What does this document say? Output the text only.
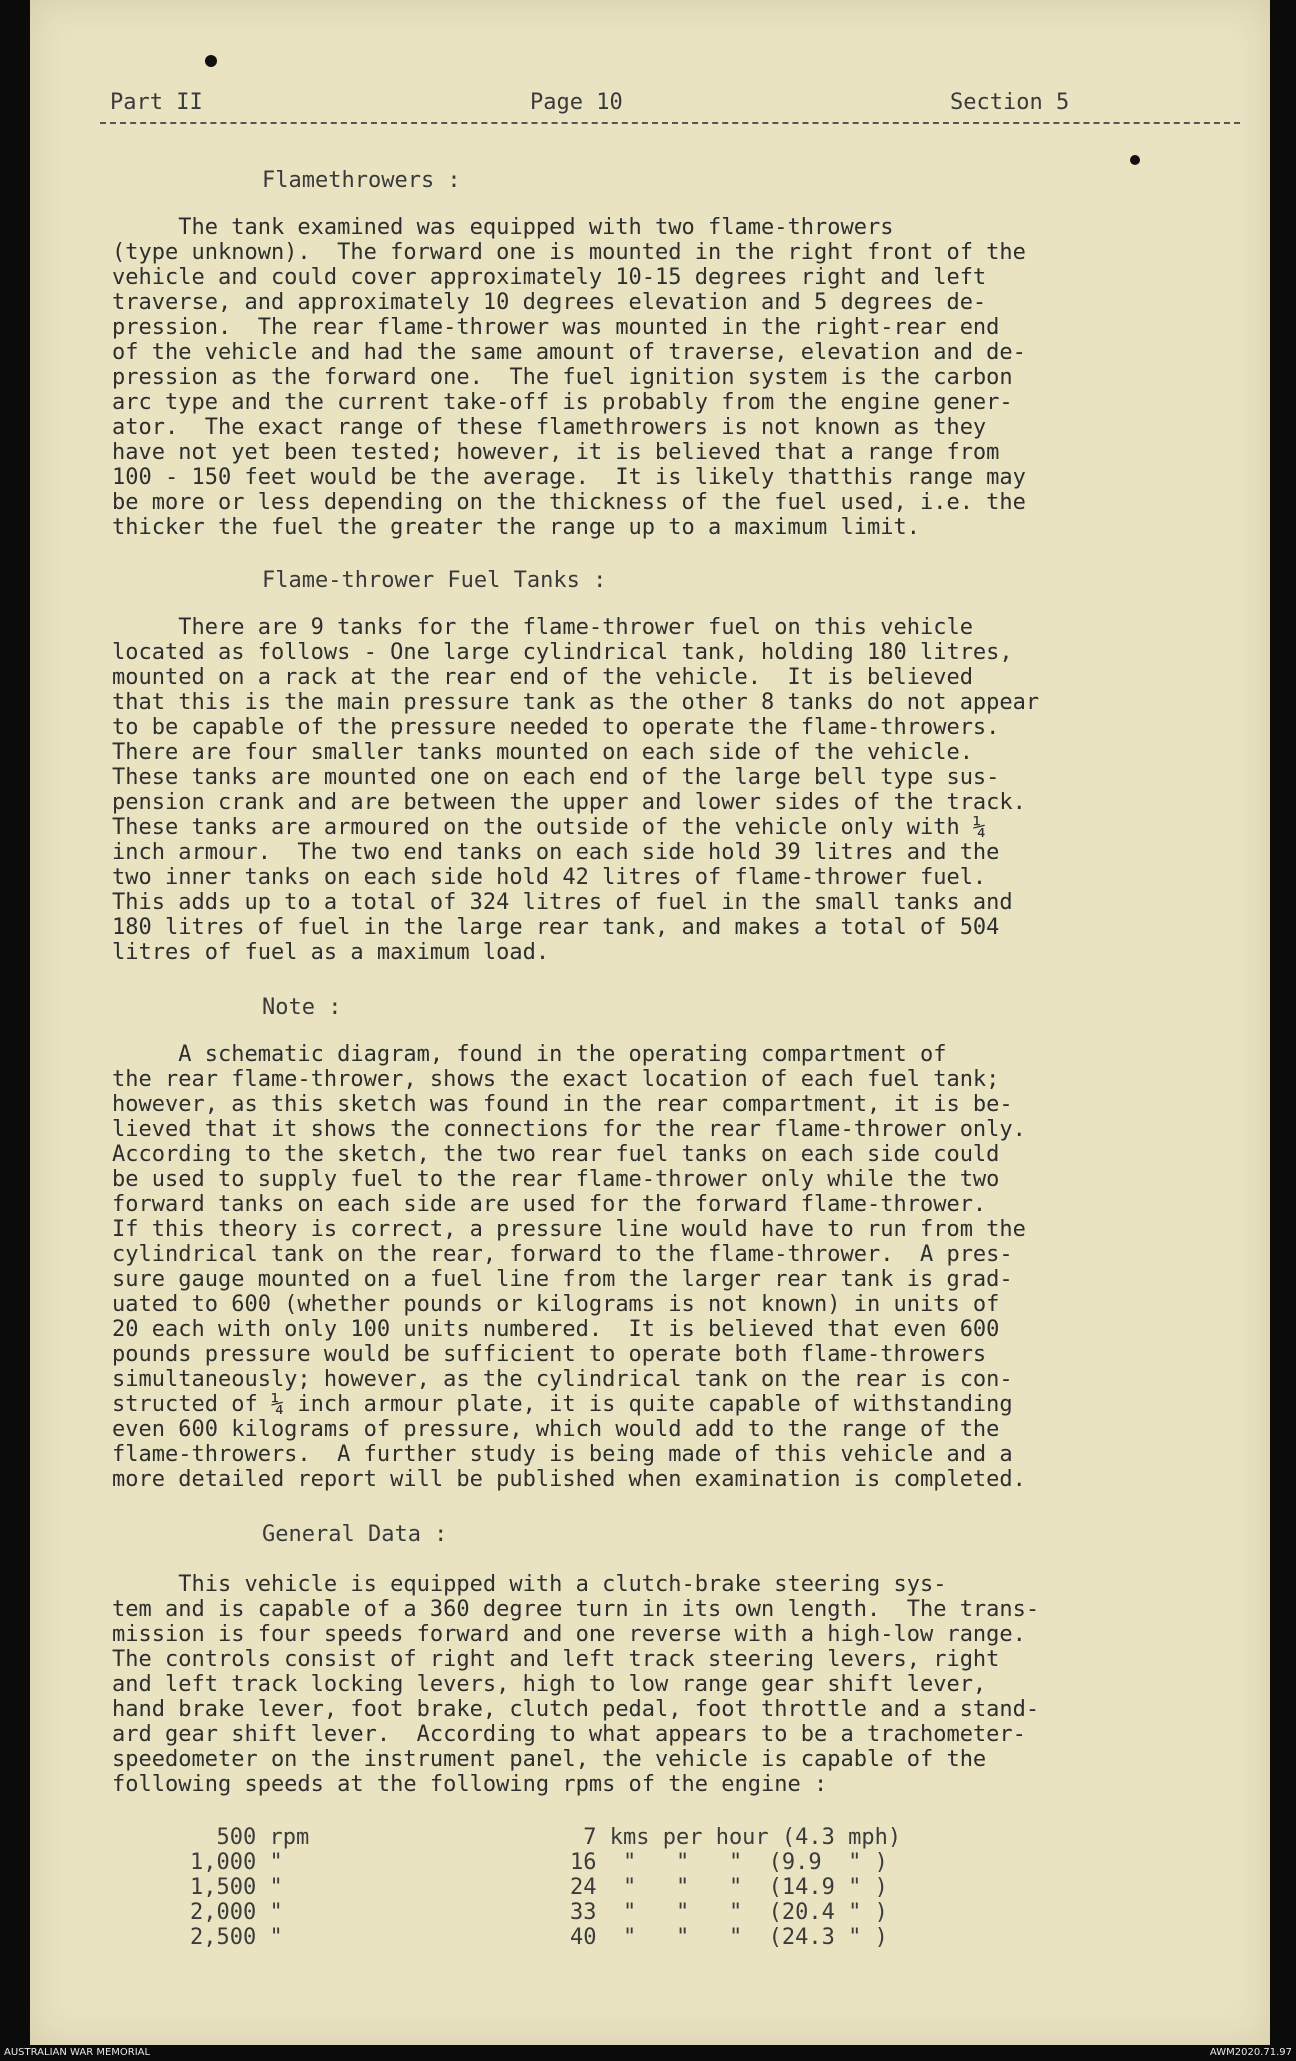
Part II	Page 10	Section 5
Flamethrowers :
The tank examined was equipped with two flame-throwers
(type unknown).  The forward one is mounted in the right front of the
vehicle and could cover approximately 10-15 degrees right and left
traverse, and approximately 10 degrees elevation and 5 degrees de-
pression.  The rear flame-thrower was mounted in the right-rear end
of the vehicle and had the same amount of traverse, elevation and de-
pression as the forward one.  The fuel ignition system is the carbon
arc type and the current take-off is probably from the engine gener-
ator.  The exact range of these flamethrowers is not known as they
have not yet been tested; however, it is believed that a range from
100 - 150 feet would be the average.  It is likely thatthis range may
be more or less depending on the thickness of the fuel used, i.e. the
thicker the fuel the greater the range up to a maximum limit.
Flame-thrower Fuel Tanks :
There are 9 tanks for the flame-thrower fuel on this vehicle
located as follows - One large cylindrical tank, holding 180 litres,
mounted on a rack at the rear end of the vehicle.  It is believed
that this is the main pressure tank as the other 8 tanks do not appear
to be capable of the pressure needed to operate the flame-throwers.
There are four smaller tanks mounted on each side of the vehicle.
These tanks are mounted one on each end of the large bell type sus-
pension crank and are between the upper and lower sides of the track.
These tanks are armoured on the outside of the vehicle only with ¼
inch armour.  The two end tanks on each side hold 39 litres and the
two inner tanks on each side hold 42 litres of flame-thrower fuel.
This adds up to a total of 324 litres of fuel in the small tanks and
180 litres of fuel in the large rear tank, and makes a total of 504
litres of fuel as a maximum load.
Note :
A schematic diagram, found in the operating compartment of
the rear flame-thrower, shows the exact location of each fuel tank;
however, as this sketch was found in the rear compartment, it is be-
lieved that it shows the connections for the rear flame-thrower only.
According to the sketch, the two rear fuel tanks on each side could
be used to supply fuel to the rear flame-thrower only while the two
forward tanks on each side are used for the forward flame-thrower.
If this theory is correct, a pressure line would have to run from the
cylindrical tank on the rear, forward to the flame-thrower.  A pres-
sure gauge mounted on a fuel line from the larger rear tank is grad-
uated to 600 (whether pounds or kilograms is not known) in units of
20 each with only 100 units numbered.  It is believed that even 600
pounds pressure would be sufficient to operate both flame-throwers
simultaneously; however, as the cylindrical tank on the rear is con-
structed of ¼ inch armour plate, it is quite capable of withstanding
even 600 kilograms of pressure, which would add to the range of the
flame-throwers.  A further study is being made of this vehicle and a
more detailed report will be published when examination is completed.
General Data :
This vehicle is equipped with a clutch-brake steering sys-
tem and is capable of a 360 degree turn in its own length.  The trans-
mission is four speeds forward and one reverse with a high-low range.
The controls consist of right and left track steering levers, right
and left track locking levers, high to low range gear shift lever,
hand brake lever, foot brake, clutch pedal, foot throttle and a stand-
ard gear shift lever.  According to what appears to be a trachometer-
speedometer on the instrument panel, the vehicle is capable of the
following speeds at the following rpms of the engine :
500 rpm	7 kms per hour (4.3 mph)
1,000 "	16  "   "   "  (9.9  " )
1,500 "	24  "   "   "  (14.9 " )
2,000 "	33  "   "   "  (20.4 " )
2,500 "	40  "   "   "  (24.3 " )
AUSTRALIAN WAR MEMORIAL	AWM2020.71.97
